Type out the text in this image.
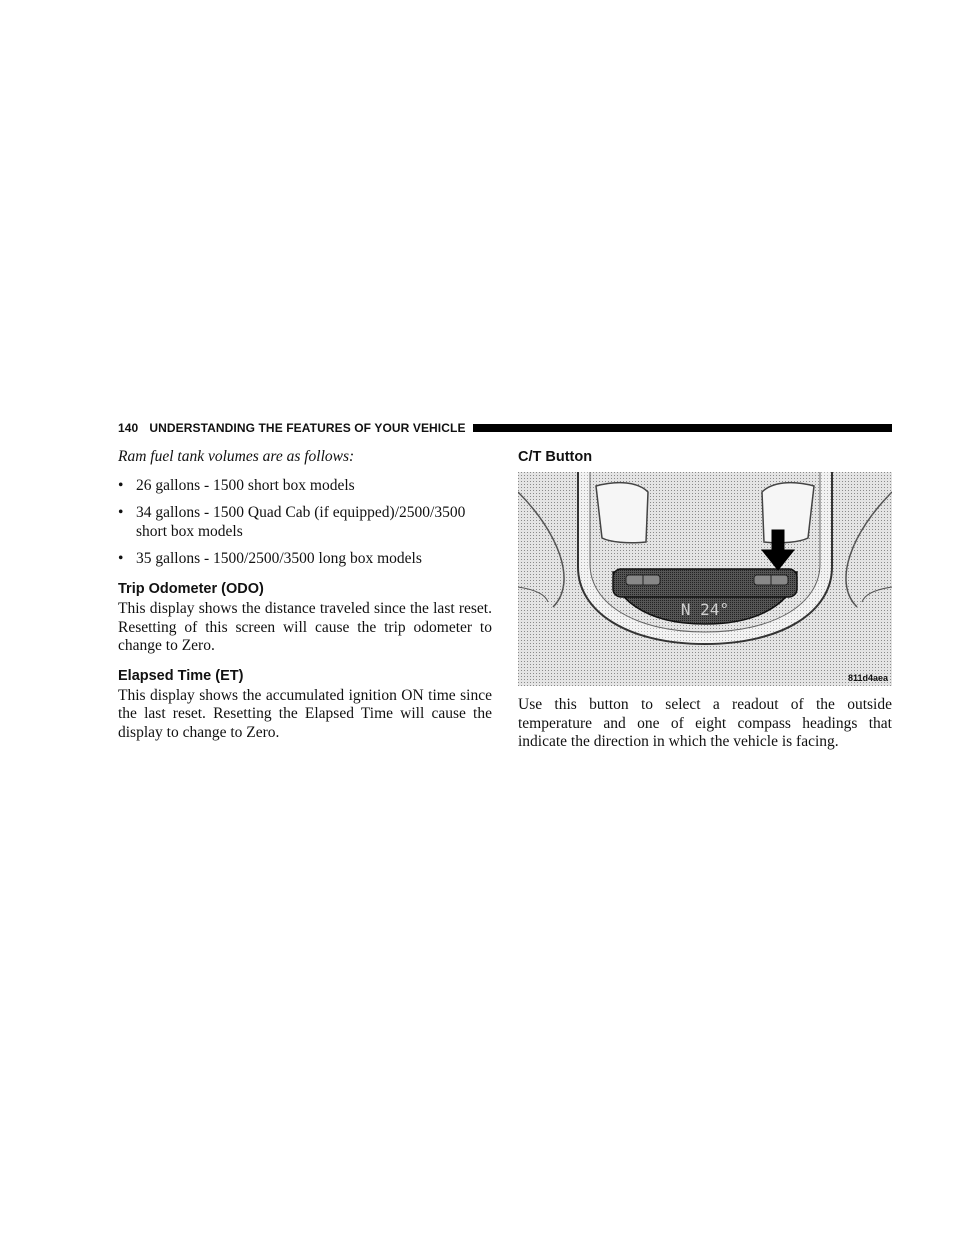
140 UNDERSTANDING THE FEATURES OF YOUR VEHICLE

Ram fuel tank volumes are as follows:

• 26 gallons - 1500 short box models
• 34 gallons - 1500 Quad Cab (if equipped)/2500/3500 short box models
• 35 gallons - 1500/2500/3500 long box models
Trip Odometer (ODO)

This display shows the distance traveled since the last reset. Resetting of this screen will cause the trip odometer to change to Zero.

Elapsed Time (ET)

This display shows the accumulated ignition ON time since the last reset. Resetting the Elapsed Time will cause the display to change to Zero.

C/T Button
N 24°
811d4aea

Use this button to select a readout of the outside temperature and one of eight compass headings that indicate the direction in which the vehicle is facing.
